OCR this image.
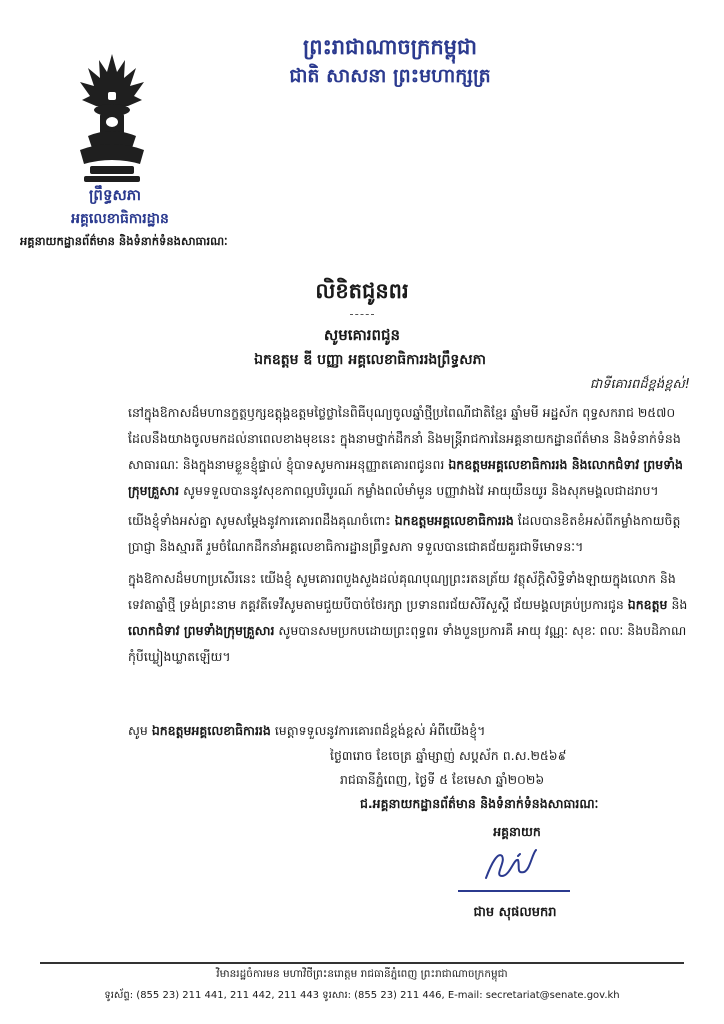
ព្រះរាជាណាចក្រកម្ពុជា
ជាតិ សាសនា ព្រះមហាក្សត្រ
ព្រឹទ្ធសភា
អគ្គលេខាធិការដ្ឋាន
អគ្គនាយកដ្ឋានព័ត៌មាន និងទំនាក់ទំនងសាធារណៈ
លិខិតជូនពរ
សូមគោរពជូន
ឯកឧត្តម ឌី បញ្ញា អគ្គលេខាធិការរងព្រឹទ្ធសភា
ជាទីគោរពដ៏ខ្ពង់ខ្ពស់!
នៅក្នុងឱកាសដ៏មហានក្ខត្តឫក្សឧត្តុង្គឧត្តមថ្លៃថ្លានៃពិធីបុណ្យចូលឆ្នាំថ្មីប្រពៃណីជាតិខ្មែរ ឆ្នាំមមី អដ្ឋស័ក ពុទ្ធសករាជ ២៥៧០ ដែលនឹងយាងចូលមកដល់នាពេលខាងមុខនេះ ក្នុងនាមថ្នាក់ដឹកនាំ និងមន្ត្រីរាជការនៃអគ្គនាយកដ្ឋានព័ត៌មាន និងទំនាក់ទំនងសាធារណៈ និងក្នុងនាមខ្លួនខ្ញុំផ្ទាល់ ខ្ញុំបាទសូមការអនុញ្ញាតគោរពជូនពរ ឯកឧត្តមអគ្គលេខាធិការរង និងលោកជំទាវ ព្រមទាំងក្រុមគ្រួសារ សូមទទួលបាននូវសុខភាពល្អបរិបូរណ៍ កម្លាំងពលំមាំមួន បញ្ញាវាងវៃ អាយុយឺនយូរ និងសុភមង្គលជាដរាប។
យើងខ្ញុំទាំងអស់គ្នា សូមសម្តែងនូវការគោរពដឹងគុណចំពោះ ឯកឧត្តមអគ្គលេខាធិការរង ដែលបានខិតខំអស់ពីកម្លាំងកាយចិត្ត ប្រាជ្ញា និងស្មារតី រួមចំណែកដឹកនាំអគ្គលេខាធិការដ្ឋានព្រឹទ្ធសភា ទទួលបានជោគជ័យគួរជាទីមោទនៈ។
ក្នុងឱកាសដ៏មហាប្រសើរនេះ យើងខ្ញុំ សូមគោរពបួងសួងដល់គុណបុណ្យព្រះរតនត្រ័យ វត្ថុស័ក្តិសិទ្ធិទាំងឡាយក្នុងលោក និងទេវតាឆ្នាំថ្មី ទ្រង់ព្រះនាម ភគ្គវតីទេវីសូមតាមជួយបីបាច់ថែរក្សា ប្រទានពរជ័យសិរីសួស្តី ជ័យមង្គលគ្រប់ប្រការជូន ឯកឧត្តម និងលោកជំទាវ ព្រមទាំងក្រុមគ្រួសារ សូមបានសមប្រកបដោយព្រះពុទ្ធពរ ទាំងបួនប្រការគឺ អាយុ វណ្ណៈ សុខៈ ពលៈ និងបដិភាណ កុំបីឃ្លៀងឃ្លាតឡើយ។
សូម ឯកឧត្តមអគ្គលេខាធិការរង មេត្តាទទួលនូវការគោរពដ៏ខ្ពង់ខ្ពស់ អំពីយើងខ្ញុំ។
ថ្ងៃ៣រោច ខែចេត្រ ឆ្នាំម្សាញ់ សប្តស័ក ព.ស.២៥៦៩
រាជធានីភ្នំពេញ, ថ្ងៃទី ៥ ខែមេសា ឆ្នាំ២០២៦
ជ.អគ្គនាយកដ្ឋានព័ត៌មាន និងទំនាក់ទំនងសាធារណៈ
អគ្គនាយក
ជាម សុផលមករា
វិមានរដ្ឋចំការមន មហាវិថីព្រះនរោត្តម រាជធានីភ្នំពេញ ព្រះរាជាណាចក្រកម្ពុជា
ទូរស័ព្ទ: (855 23) 211 441, 211 442, 211 443 ទូរសារ: (855 23) 211 446, E-mail: secretariat@senate.gov.kh
